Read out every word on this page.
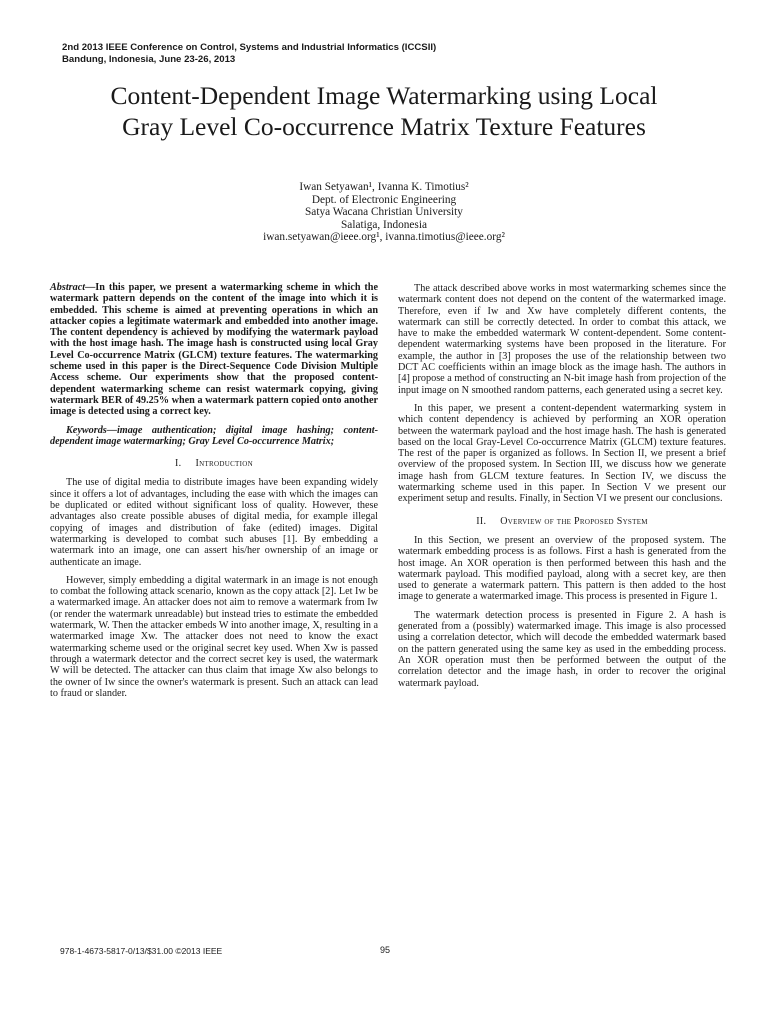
2nd 2013 IEEE Conference on Control, Systems and Industrial Informatics (ICCSII)
Bandung, Indonesia, June 23-26, 2013
Content-Dependent Image Watermarking using Local
Gray Level Co-occurrence Matrix Texture Features
Iwan Setyawan¹, Ivanna K. Timotius²
Dept. of Electronic Engineering
Satya Wacana Christian University
Salatiga, Indonesia
iwan.setyawan@ieee.org¹, ivanna.timotius@ieee.org²

Abstract—In this paper, we present a watermarking scheme in which the watermark pattern depends on the content of the image into which it is embedded. This scheme is aimed at preventing operations in which an attacker copies a legitimate watermark and embedded into another image. The content dependency is achieved by modifying the watermark payload with the host image hash. The image hash is constructed using local Gray Level Co-occurrence Matrix (GLCM) texture features. The watermarking scheme used in this paper is the Direct-Sequence Code Division Multiple Access scheme. Our experiments show that the proposed content-dependent watermarking scheme can resist watermark copying, giving watermark BER of 49.25% when a watermark pattern copied onto another image is detected using a correct key.

Keywords—image authentication; digital image hashing; content-dependent image watermarking; Gray Level Co-occurrence Matrix;

I. Introduction

The use of digital media to distribute images have been expanding widely since it offers a lot of advantages, including the ease with which the images can be duplicated or edited without significant loss of quality. However, these advantages also create possible abuses of digital media, for example illegal copying of images and distribution of fake (edited) images. Digital watermarking is developed to combat such abuses [1]. By embedding a watermark into an image, one can assert his/her ownership of an image or authenticate an image.

However, simply embedding a digital watermark in an image is not enough to combat the following attack scenario, known as the copy attack [2]. Let Iw be a watermarked image. An attacker does not aim to remove a watermark from Iw (or render the watermark unreadable) but instead tries to estimate the embedded watermark, W. Then the attacker embeds W into another image, X, resulting in a watermarked image Xw. The attacker does not need to know the exact watermarking scheme used or the original secret key used. When Xw is passed through a watermark detector and the correct secret key is used, the watermark W will be detected. The attacker can thus claim that image Xw also belongs to the owner of Iw since the owner's watermark is present. Such an attack can lead to fraud or slander.

The attack described above works in most watermarking schemes since the watermark content does not depend on the content of the watermarked image. Therefore, even if Iw and Xw have completely different contents, the watermark can still be correctly detected. In order to combat this attack, we have to make the embedded watermark W content-dependent. Some content-dependent watermarking systems have been proposed in the literature. For example, the author in [3] proposes the use of the relationship between two DCT AC coefficients within an image block as the image hash. The authors in [4] propose a method of constructing an N-bit image hash from projection of the input image on N smoothed random patterns, each generated using a secret key.

In this paper, we present a content-dependent watermarking system in which content dependency is achieved by performing an XOR operation between the watermark payload and the host image hash. The hash is generated based on the local Gray-Level Co-occurrence Matrix (GLCM) texture features. The rest of the paper is organized as follows. In Section II, we present a brief overview of the proposed system. In Section III, we discuss how we generate image hash from GLCM texture features. In Section IV, we discuss the watermarking scheme used in this paper. In Section V we present our experiment setup and results. Finally, in Section VI we present our conclusions.

II. Overview of the Proposed System

In this Section, we present an overview of the proposed system. The watermark embedding process is as follows. First a hash is generated from the host image. An XOR operation is then performed between this hash and the watermark payload. This modified payload, along with a secret key, are then used to generate a watermark pattern. This pattern is then added to the host image to generate a watermarked image. This process is presented in Figure 1.

The watermark detection process is presented in Figure 2. A hash is generated from a (possibly) watermarked image. This image is also processed using a correlation detector, which will decode the embedded watermark based on the pattern generated using the same key as used in the embedding process. An XOR operation must then be performed between the output of the correlation detector and the image hash, in order to recover the original watermark payload.

978-1-4673-5817-0/13/$31.00 ©2013 IEEE	95
